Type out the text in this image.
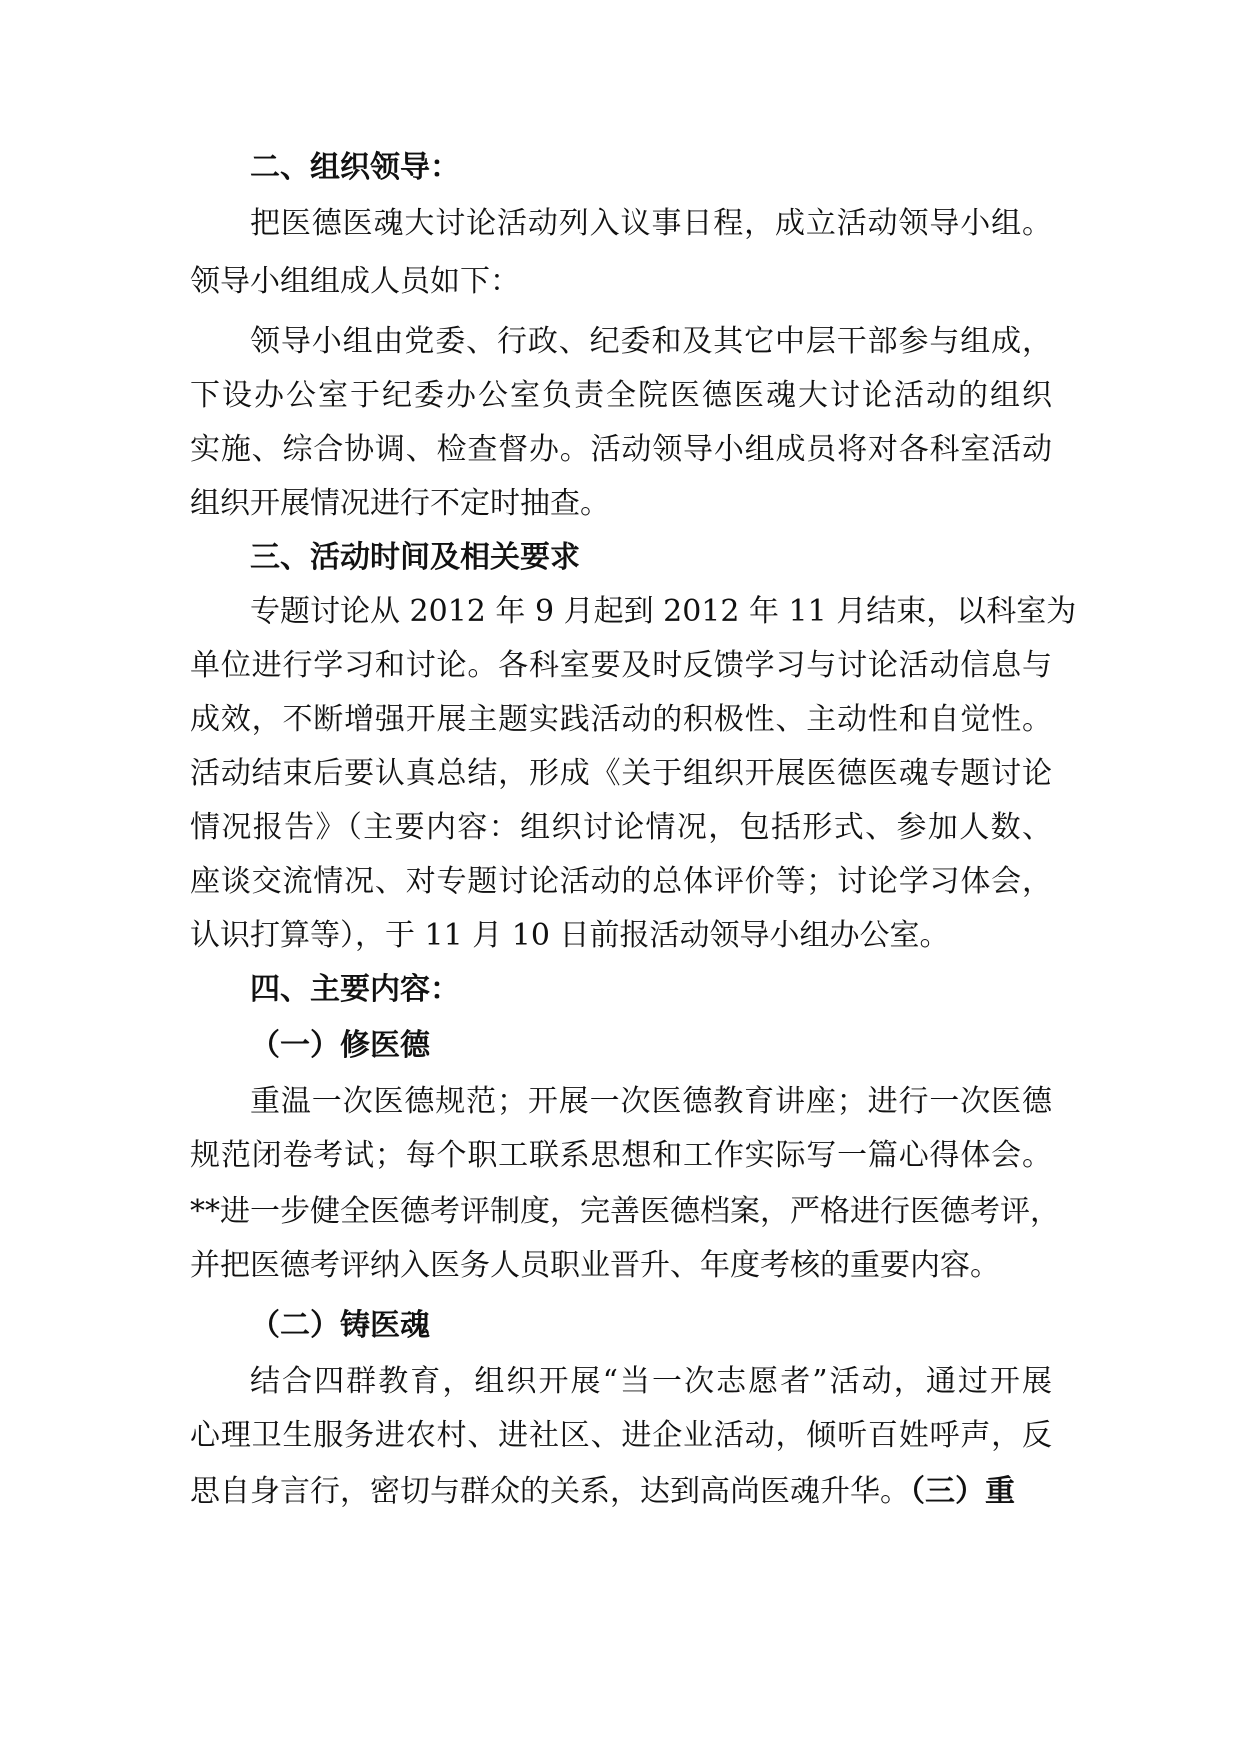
二、组织领导：
把医德医魂大讨论活动列入议事日程，成立活动领导小组。
领导小组组成人员如下：
领导小组由党委、行政、纪委和及其它中层干部参与组成，
下设办公室于纪委办公室负责全院医德医魂大讨论活动的组织
实施、综合协调、检查督办。活动领导小组成员将对各科室活动
组织开展情况进行不定时抽查。
三、活动时间及相关要求
专题讨论从 2012 年 9 月起到 2012 年 11 月结束，以科室为
单位进行学习和讨论。各科室要及时反馈学习与讨论活动信息与
成效，不断增强开展主题实践活动的积极性、主动性和自觉性。
活动结束后要认真总结，形成《关于组织开展医德医魂专题讨论
情况报告》（主要内容：组织讨论情况，包括形式、参加人数、
座谈交流情况、对专题讨论活动的总体评价等；讨论学习体会，
认识打算等），于 11 月 10 日前报活动领导小组办公室。
四、主要内容：
（一）修医德
重温一次医德规范；开展一次医德教育讲座；进行一次医德
规范闭卷考试；每个职工联系思想和工作实际写一篇心得体会。
**进一步健全医德考评制度，完善医德档案，严格进行医德考评，
并把医德考评纳入医务人员职业晋升、年度考核的重要内容。
（二）铸医魂
结合四群教育，组织开展“当一次志愿者”活动，通过开展
心理卫生服务进农村、进社区、进企业活动，倾听百姓呼声，反
思自身言行，密切与群众的关系，达到高尚医魂升华。（三）重
